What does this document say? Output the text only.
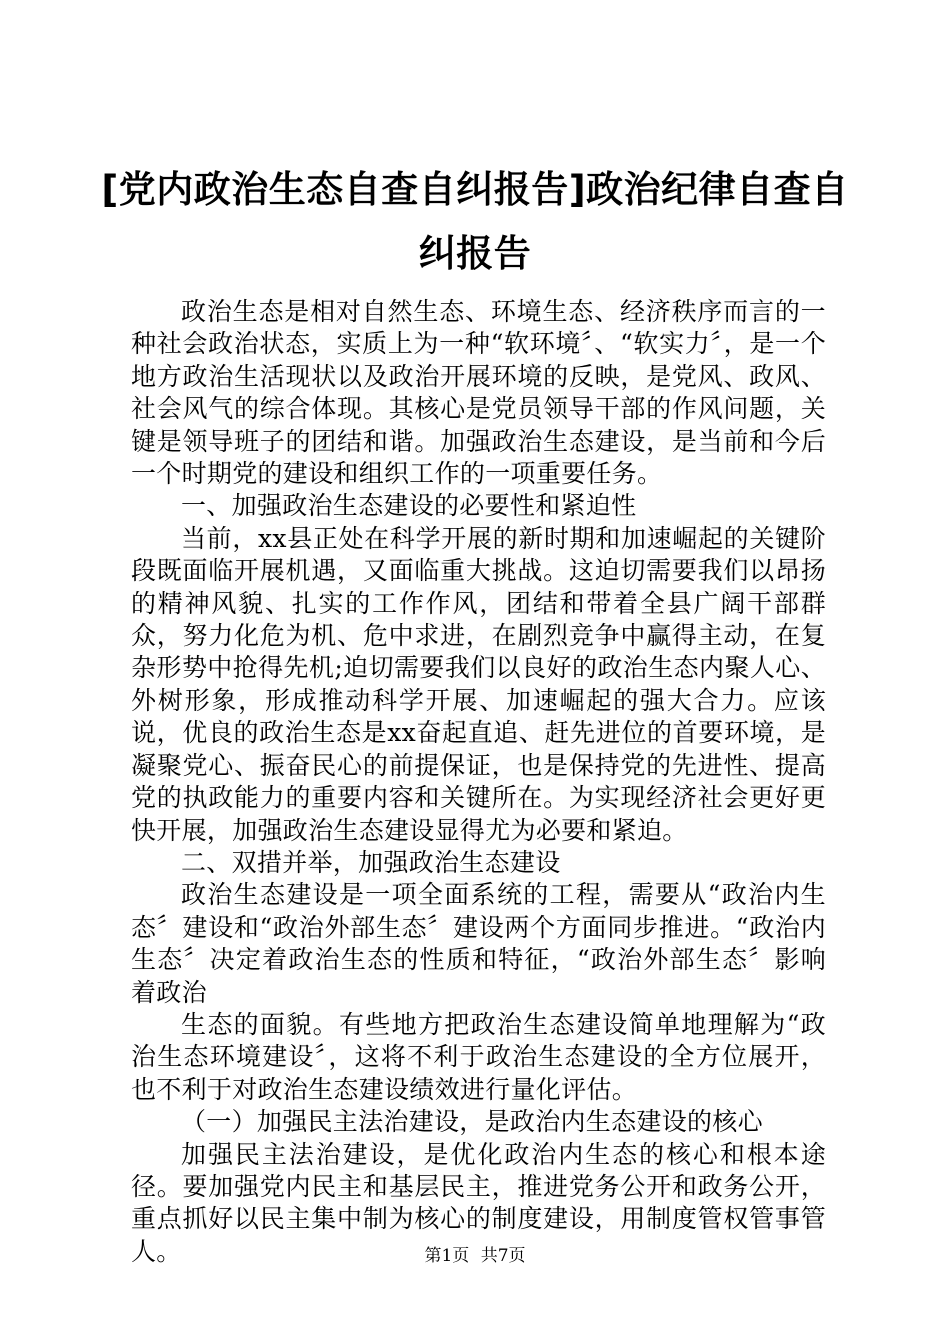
[党内政治生态自查自纠报告]政治纪律自查自纠报告

政治生态是相对自然生态、环境生态、经济秩序而言的一种社会政治状态，实质上为一种“软环境〞、“软实力〞，是一个地方政治生活现状以及政治开展环境的反映，是党风、政风、社会风气的综合体现。其核心是党员领导干部的作风问题，关键是领导班子的团结和谐。加强政治生态建设，是当前和今后一个时期党的建设和组织工作的一项重要任务。

一、加强政治生态建设的必要性和紧迫性

当前，xx县正处在科学开展的新时期和加速崛起的关键阶段既面临开展机遇，又面临重大挑战。这迫切需要我们以昂扬的精神风貌、扎实的工作作风，团结和带着全县广阔干部群众，努力化危为机、危中求进，在剧烈竞争中赢得主动，在复杂形势中抢得先机;迫切需要我们以良好的政治生态内聚人心、外树形象，形成推动科学开展、加速崛起的强大合力。应该说，优良的政治生态是xx奋起直追、赶先进位的首要环境，是凝聚党心、振奋民心的前提保证，也是保持党的先进性、提高党的执政能力的重要内容和关键所在。为实现经济社会更好更快开展，加强政治生态建设显得尤为必要和紧迫。

二、双措并举，加强政治生态建设

政治生态建设是一项全面系统的工程，需要从“政治内生态〞建设和“政治外部生态〞建设两个方面同步推进。“政治内生态〞决定着政治生态的性质和特征，“政治外部生态〞影响着政治

生态的面貌。有些地方把政治生态建设简单地理解为“政治生态环境建设〞，这将不利于政治生态建设的全方位展开，也不利于对政治生态建设绩效进行量化评估。

（一）加强民主法治建设，是政治内生态建设的核心

加强民主法治建设，是优化政治内生态的核心和根本途径。要加强党内民主和基层民主，推进党务公开和政务公开，重点抓好以民主集中制为核心的制度建设，用制度管权管事管人。	第1页 共7页
